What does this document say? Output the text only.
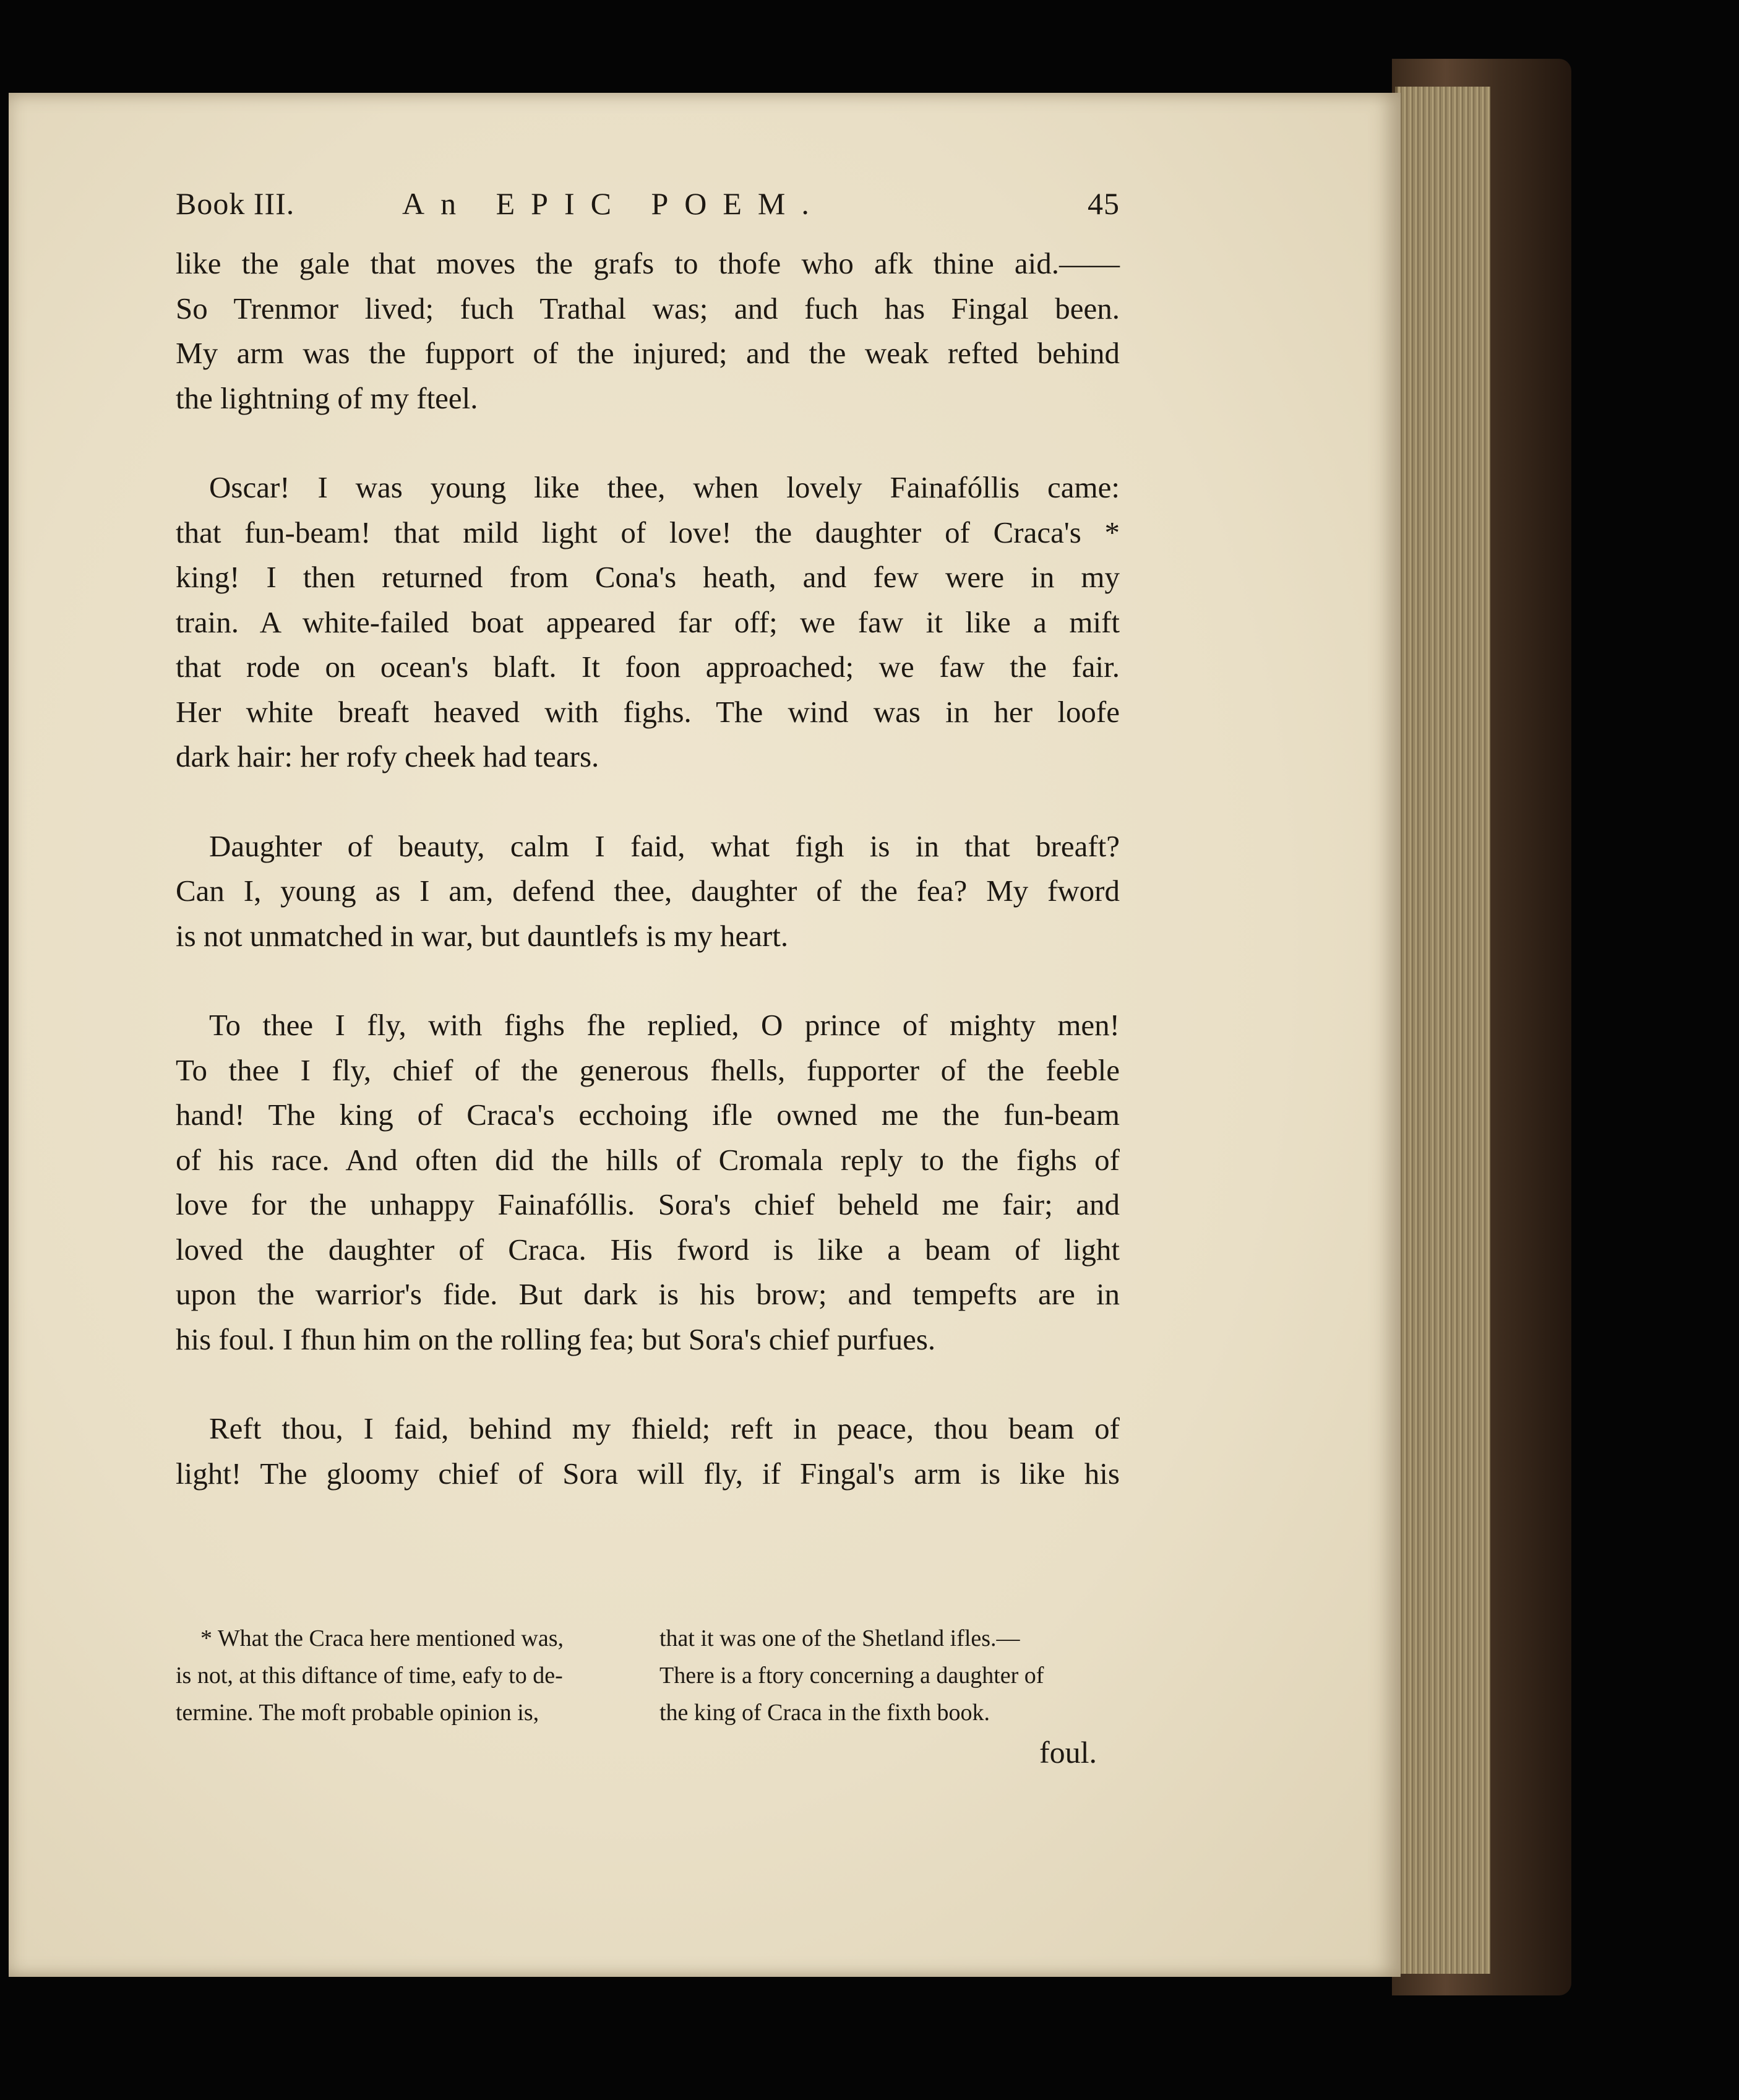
Book III.	An EPIC POEM.	45
like the gale that moves the grafs to thofe who afk thine aid.——
So Trenmor lived; fuch Trathal was; and fuch has Fingal been.
My arm was the fupport of the injured; and the weak refted behind
the lightning of my fteel.
Oscar! I was young like thee, when lovely Fainafóllis came:
that fun-beam! that mild light of love! the daughter of Craca's *
king! I then returned from Cona's heath, and few were in my
train. A white-failed boat appeared far off; we faw it like a mift
that rode on ocean's blaft. It foon approached; we faw the fair.
Her white breaft heaved with fighs. The wind was in her loofe
dark hair: her rofy cheek had tears.
Daughter of beauty, calm I faid, what figh is in that breaft?
Can I, young as I am, defend thee, daughter of the fea? My fword
is not unmatched in war, but dauntlefs is my heart.
To thee I fly, with fighs fhe replied, O prince of mighty men!
To thee I fly, chief of the generous fhells, fupporter of the feeble
hand! The king of Craca's ecchoing ifle owned me the fun-beam
of his race. And often did the hills of Cromala reply to the fighs of
love for the unhappy Fainafóllis. Sora's chief beheld me fair; and
loved the daughter of Craca. His fword is like a beam of light
upon the warrior's fide. But dark is his brow; and tempefts are in
his foul. I fhun him on the rolling fea; but Sora's chief purfues.
Reft thou, I faid, behind my fhield; reft in peace, thou beam of
light! The gloomy chief of Sora will fly, if Fingal's arm is like his
* What the Craca here mentioned was,
is not, at this diftance of time, eafy to de-
termine. The moft probable opinion is,
that it was one of the Shetland ifles.—
There is a ftory concerning a daughter of
the king of Craca in the fixth book.
foul.
